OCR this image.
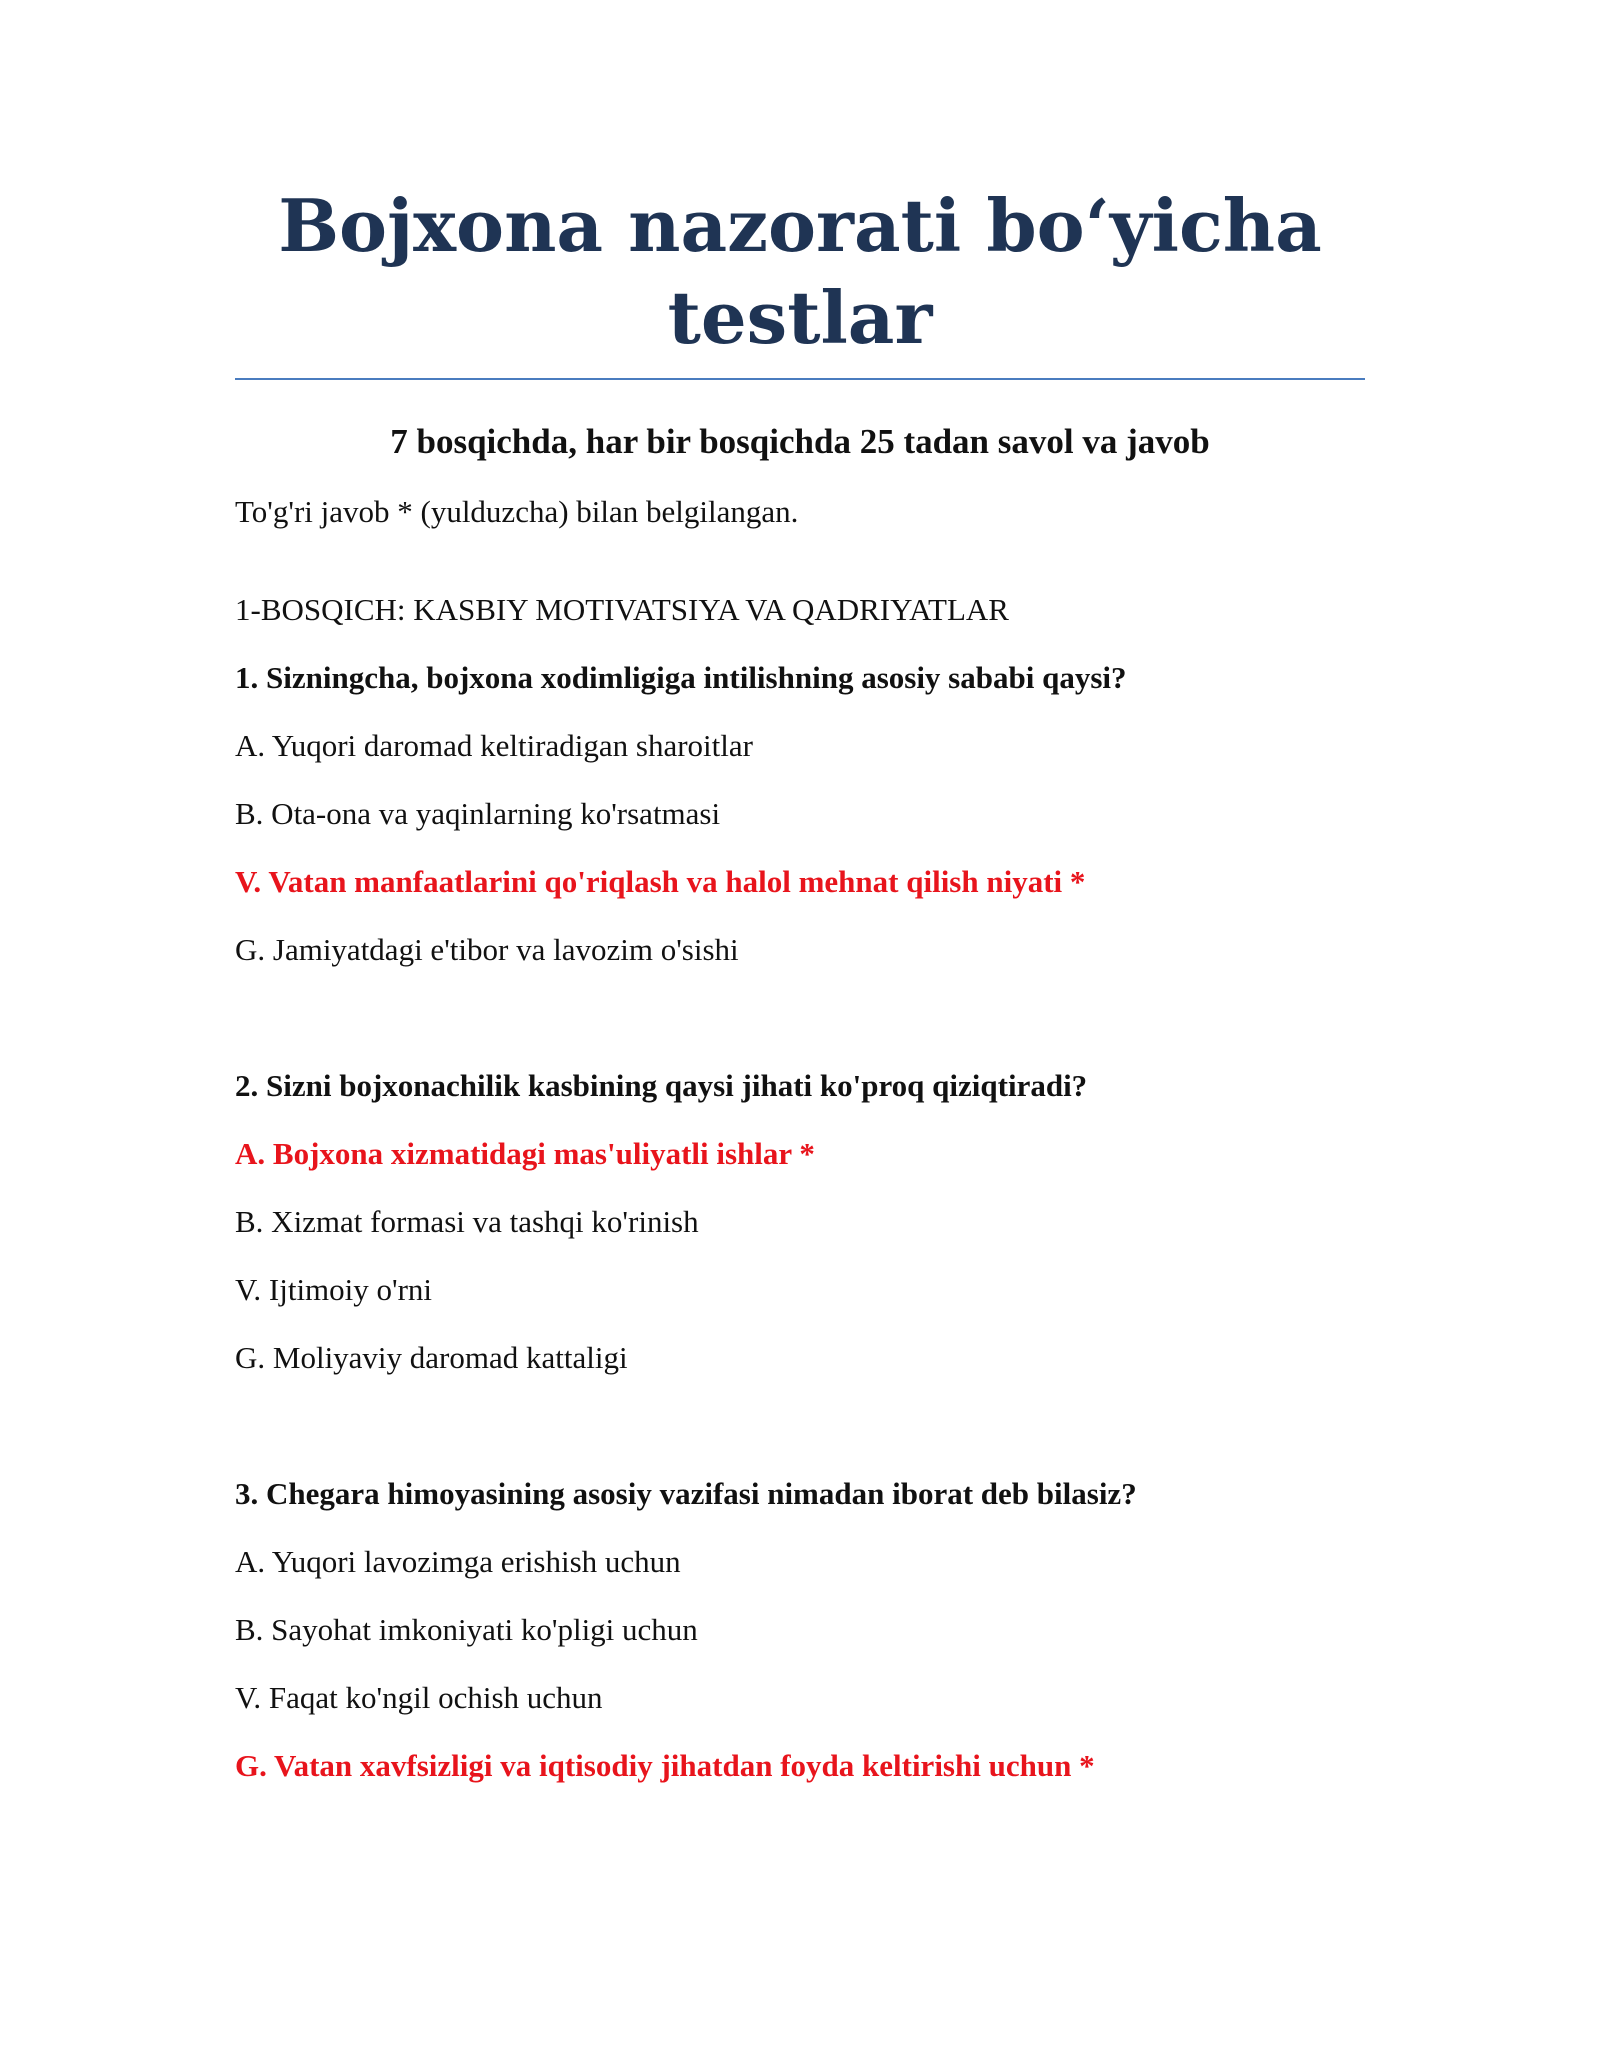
Bojxona nazorati bo‘yicha testlar
7 bosqichda, har bir bosqichda 25 tadan savol va javob
To'g'ri javob * (yulduzcha) bilan belgilangan.
1-BOSQICH: KASBIY MOTIVATSIYA VA QADRIYATLAR
1. Sizningcha, bojxona xodimligiga intilishning asosiy sababi qaysi?
A. Yuqori daromad keltiradigan sharoitlar
B. Ota-ona va yaqinlarning ko'rsatmasi
V. Vatan manfaatlarini qo'riqlash va halol mehnat qilish niyati *
G. Jamiyatdagi e'tibor va lavozim o'sishi
2. Sizni bojxonachilik kasbining qaysi jihati ko'proq qiziqtiradi?
A. Bojxona xizmatidagi mas'uliyatli ishlar *
B. Xizmat formasi va tashqi ko'rinish
V. Ijtimoiy o'rni
G. Moliyaviy daromad kattaligi
3. Chegara himoyasining asosiy vazifasi nimadan iborat deb bilasiz?
A. Yuqori lavozimga erishish uchun
B. Sayohat imkoniyati ko'pligi uchun
V. Faqat ko'ngil ochish uchun
G. Vatan xavfsizligi va iqtisodiy jihatdan foyda keltirishi uchun *
